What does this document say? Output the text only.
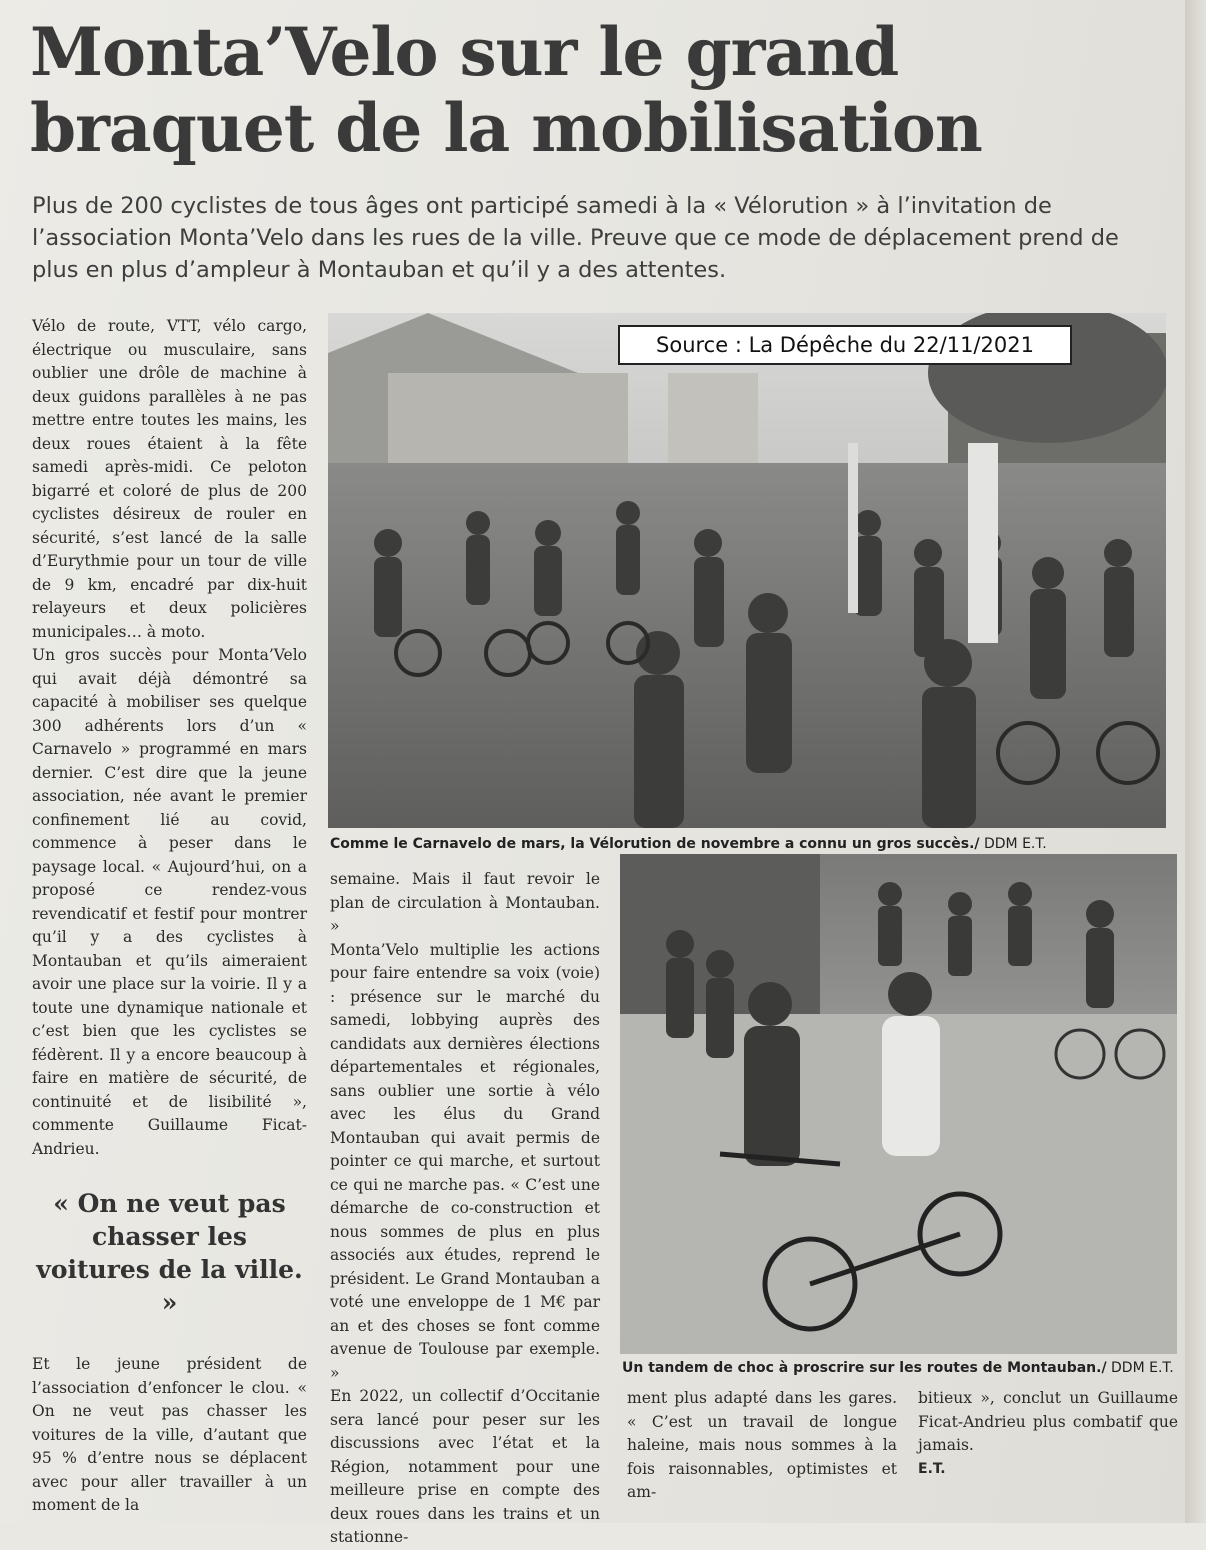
Monta’Velo sur le grand
braquet de la mobilisation
Plus de 200 cyclistes de tous âges ont participé samedi à la « Vélorution » à l’invitation de l’association Monta’Velo dans les rues de la ville. Preuve que ce mode de déplacement prend de plus en plus d’ampleur à Montauban et qu’il y a des attentes.

Vélo de route, VTT, vélo cargo, électrique ou musculaire, sans oublier une drôle de machine à deux guidons parallèles à ne pas mettre entre toutes les mains, les deux roues étaient à la fête samedi après-midi. Ce peloton bigarré et coloré de plus de 200 cyclistes désireux de rouler en sécurité, s’est lancé de la salle d’Eurythmie pour un tour de ville de 9 km, encadré par dix-huit relayeurs et deux policières municipales… à moto.

Un gros succès pour Monta’Velo qui avait déjà démontré sa capacité à mobiliser ses quelque 300 adhérents lors d’un « Carnavelo » programmé en mars dernier. C’est dire que la jeune association, née avant le premier confinement lié au covid, commence à peser dans le paysage local. « Aujourd’hui, on a proposé ce rendez-vous revendicatif et festif pour montrer qu’il y a des cyclistes à Montauban et qu’ils aimeraient avoir une place sur la voirie. Il y a toute une dynamique nationale et c’est bien que les cyclistes se fédèrent. Il y a encore beaucoup à faire en matière de sécurité, de continuité et de lisibilité », commente Guillaume Ficat-Andrieu.

« On ne veut pas chasser les voitures de la ville. »

Et le jeune président de l’association d’enfoncer le clou. « On ne veut pas chasser les voitures de la ville, d’autant que 95 % d’entre nous se déplacent avec pour aller travailler à un moment de la

Source : La Dépêche du 22/11/2021
Comme le Carnavelo de mars, la Vélorution de novembre a connu un gros succès./ DDM E.T.

semaine. Mais il faut revoir le plan de circulation à Montauban. »

Monta’Velo multiplie les actions pour faire entendre sa voix (voie) : présence sur le marché du samedi, lobbying auprès des candidats aux dernières élections départementales et régionales, sans oublier une sortie à vélo avec les élus du Grand Montauban qui avait permis de pointer ce qui marche, et surtout ce qui ne marche pas. « C’est une démarche de co-construction et nous sommes de plus en plus associés aux études, reprend le président. Le Grand Montauban a voté une enveloppe de 1 M€ par an et des choses se font comme avenue de Toulouse par exemple. »

En 2022, un collectif d’Occitanie sera lancé pour peser sur les discussions avec l’état et la Région, notamment pour une meilleure prise en compte des deux roues dans les trains et un stationne-

Un tandem de choc à proscrire sur les routes de Montauban./ DDM E.T.

ment plus adapté dans les gares. « C’est un travail de longue haleine, mais nous sommes à la fois raisonnables, optimistes et am-

bitieux », conclut un Guillaume Ficat-Andrieu plus combatif que jamais.

E.T.
